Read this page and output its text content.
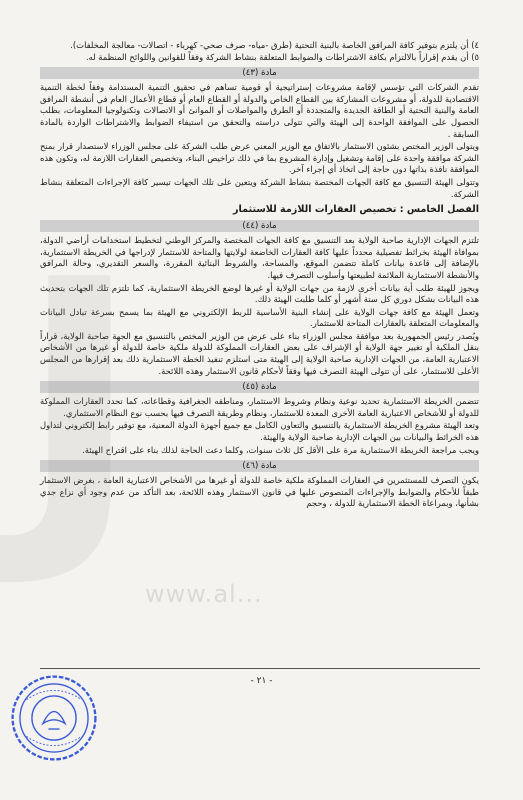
J www.al...

٤) أن يلتزم بتوفير كافة المرافق الخاصة بالبنية التحتية (طرق -مياه- صرف صحي- كهرباء - اتصالات- معالجة المخلفات).

٥) أن يقدم إقراراً بالالتزام بكافة الاشتراطات والضوابط المتعلقة بنشاط الشركة وفقاً للقوانين واللوائح المنظمة له.

مادة (٤٣)

تقدم الشركات التي تؤسس لإقامة مشروعات إستراتيجية أو قومية تساهم في تحقيق التنمية المستدامة وفقاً لخطة التنمية الاقتصادية للدولة، أو مشروعات المشاركة بين القطاع الخاص والدولة أو القطاع العام أو قطاع الأعمال العام في أنشطة المرافق العامة والبنية التحتية أو الطاقة الجديدة والمتجددة أو الطرق والمواصلات أو الموانئ أو الاتصالات وتكنولوجيا المعلومات، بطلب الحصول على الموافقة الواحدة إلى الهيئة والتي تتولى دراسته والتحقق من استيفاء الضوابط والاشتراطات الواردة بالمادة السابقة .

ويتولى الوزير المختص بشئون الاستثمار بالاتفاق مع الوزير المعني عرض طلب الشركة على مجلس الوزراء لاستصدار قرار بمنح الشركة موافقة واحدة على إقامة وتشغيل وإدارة المشروع بما في ذلك تراخيص البناء، وتخصيص العقارات اللازمة له، وتكون هذه الموافقة نافذة بذاتها دون حاجة إلى اتخاذ أي إجراء آخر.

وتتولى الهيئة التنسيق مع كافة الجهات المختصة بنشاط الشركة ويتعين على تلك الجهات تيسير كافة الإجراءات المتعلقة بنشاط الشركة.

الفصل الخامس : تخصيص العقارات اللازمة للاستثمار
مادة (٤٤)

تلتزم الجهات الإدارية صاحبة الولاية بعد التنسيق مع كافة الجهات المختصة والمركز الوطني لتخطيط استخدامات أراضي الدولة، بموافاة الهيئة بخرائط تفصيلية محدداً عليها كافة العقارات الخاضعة لولايتها والمتاحة للاستثمار لإدراجها في الخريطة الاستثمارية، بالإضافة إلى قاعدة بيانات كاملة تتضمن الموقع، والمساحة، والشروط البنائية المقررة، والسعر التقديري، وحالة المرافق والأنشطة الاستثمارية الملائمة لطبيعتها وأسلوب التصرف فيها.

ويجوز للهيئة طلب أية بيانات أخرى لازمة من جهات الولاية أو غيرها لوضع الخريطة الاستثمارية، كما تلتزم تلك الجهات بتحديث هذه البيانات بشكل دوري كل ستة أشهر أو كلما طلبت الهيئة ذلك.

وتعمل الهيئة مع كافة جهات الولاية على إنشاء البنية الأساسية للربط الإلكتروني مع الهيئة بما يسمح بسرعة تبادل البيانات والمعلومات المتعلقة بالعقارات المتاحة للاستثمار.

ويُصدر رئيس الجمهورية بعد موافقة مجلس الوزراء بناء على عرض من الوزير المختص بالتنسيق مع الجهة صاحبة الولاية، قراراً بنقل الملكية أو تغيير جهة الولاية أو الإشراف على بعض العقارات المملوكة للدولة ملكية خاصة للدولة أو غيرها من الأشخاص الاعتبارية العامة، من الجهات الإدارية صاحبة الولاية إلى الهيئة متى استلزم تنفيذ الخطة الاستثمارية ذلك بعد إقرارها من المجلس الأعلى للاستثمار، على أن تتولى الهيئة التصرف فيها وفقاً لأحكام قانون الاستثمار وهذه اللائحة.

مادة (٤٥)

تتضمن الخريطة الاستثمارية تحديد نوعية ونظام وشروط الاستثمار، ومناطقه الجغرافية وقطاعاته، كما تحدد العقارات المملوكة للدولة أو للأشخاص الاعتبارية العامة الأخرى المعدة للاستثمار، ونظام وطريقة التصرف فيها بحسب نوع النظام الاستثماري.

وتعد الهيئة مشروع الخريطة الاستثمارية بالتنسيق والتعاون الكامل مع جميع أجهزة الدولة المعنية، مع توفير رابط إلكتروني لتداول هذه الخرائط والبيانات بين الجهات الإدارية صاحبة الولاية والهيئة.

ويجب مراجعة الخريطة الاستثمارية مرة على الأقل كل ثلاث سنوات، وكلما دعت الحاجة لذلك بناء على اقتراح الهيئة.

مادة (٤٦)

يكون التصرف للمستثمرين في العقارات المملوكة ملكية خاصة للدولة أو غيرها من الأشخاص الاعتبارية العامة ، بغرض الاستثمار طبقاً للأحكام والضوابط والإجراءات المنصوص عليها في قانون الاستثمار وهذه اللائحة، بعد التأكد من عدم وجود أي نزاع جدي بشأنها، وبمراعاة الخطة الاستثمارية للدولة ، وحجم

- ٢١ -
